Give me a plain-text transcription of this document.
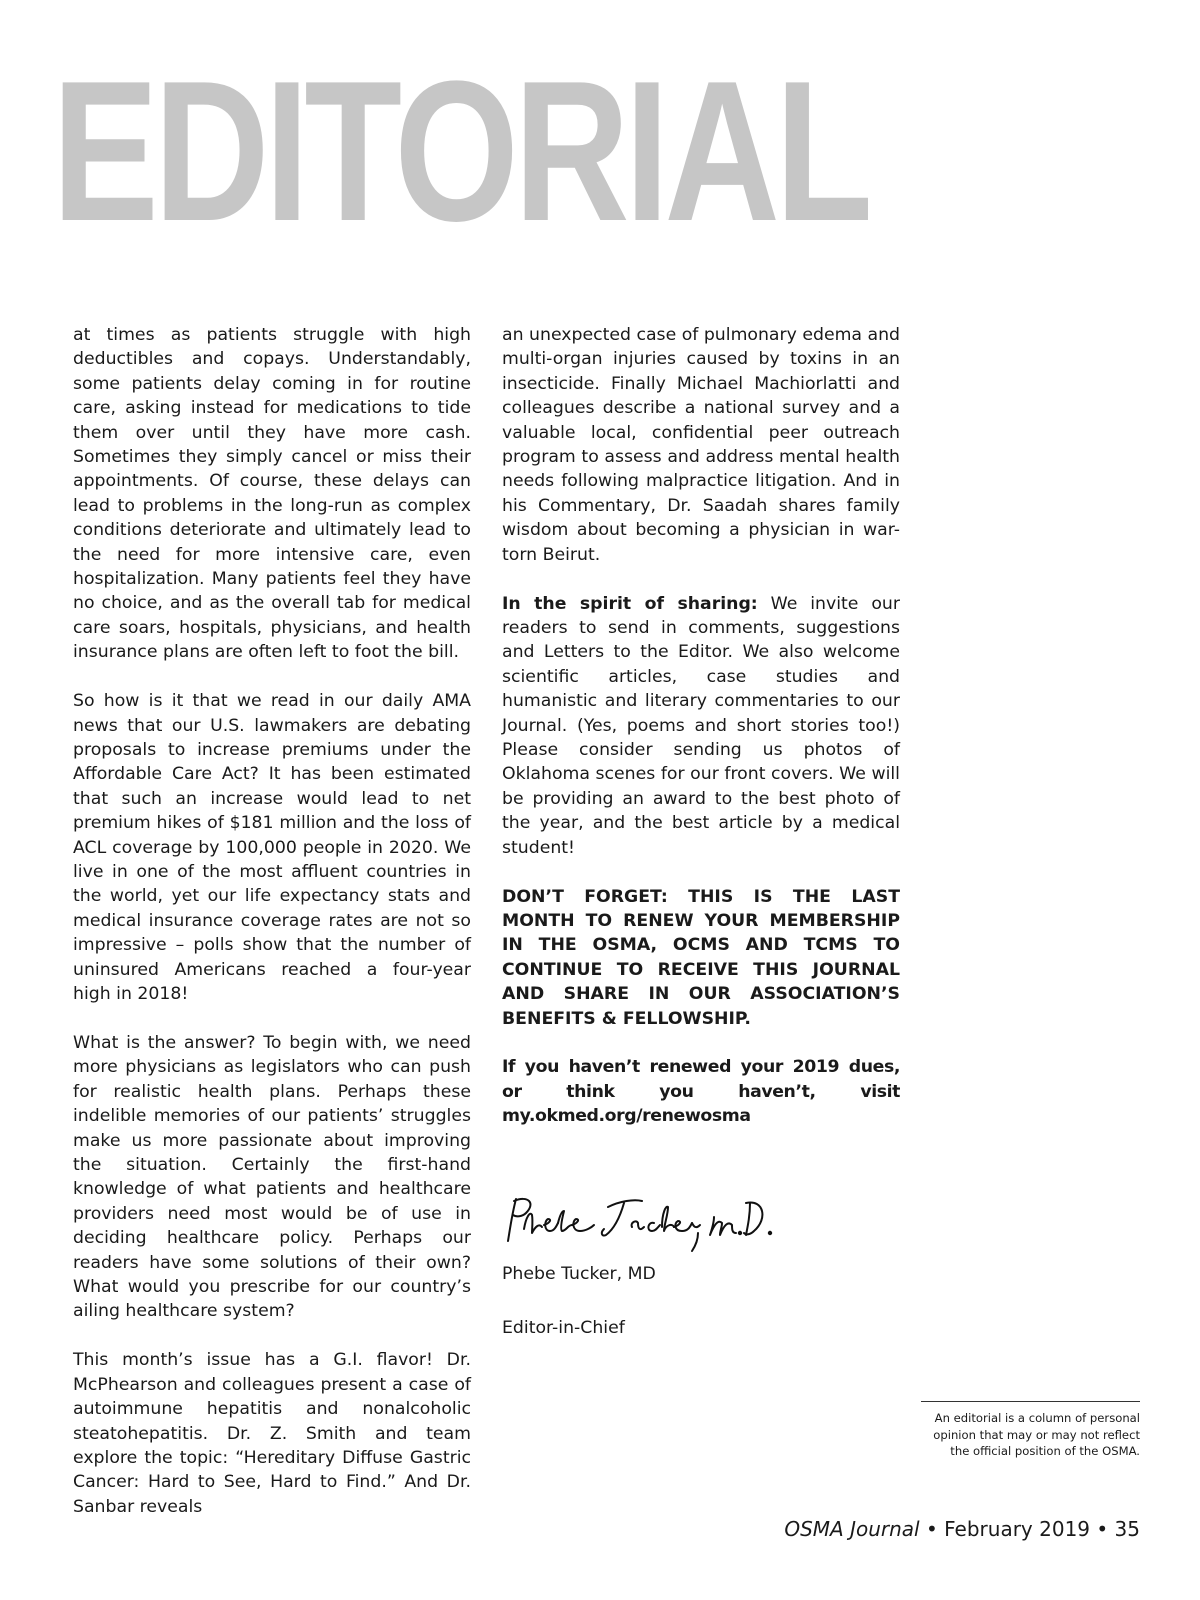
EDITORIAL

at times as patients struggle with high deductibles and copays. Understandably, some patients delay coming in for routine care, asking instead for medications to tide them over until they have more cash. Sometimes they simply cancel or miss their appointments. Of course, these delays can lead to problems in the long-run as complex conditions deteriorate and ultimately lead to the need for more intensive care, even hospitalization. Many patients feel they have no choice, and as the overall tab for medical care soars, hospitals, physicians, and health insurance plans are often left to foot the bill.

So how is it that we read in our daily AMA news that our U.S. lawmakers are debating proposals to increase premiums under the Affordable Care Act? It has been estimated that such an increase would lead to net premium hikes of $181 million and the loss of ACL coverage by 100,000 people in 2020. We live in one of the most affluent countries in the world, yet our life expectancy stats and medical insurance coverage rates are not so impressive – polls show that the number of uninsured Americans reached a four-year high in 2018!

What is the answer? To begin with, we need more physicians as legislators who can push for realistic health plans. Perhaps these indelible memories of our patients’ struggles make us more passionate about improving the situation. Certainly the first-hand knowledge of what patients and healthcare providers need most would be of use in deciding healthcare policy. Perhaps our readers have some solutions of their own? What would you prescribe for our country’s ailing healthcare system?

This month’s issue has a G.I. flavor! Dr. McPhearson and colleagues present a case of autoimmune hepatitis and nonalcoholic steatohepatitis. Dr. Z. Smith and team explore the topic: “Hereditary Diffuse Gastric Cancer: Hard to See, Hard to Find.” And Dr. Sanbar reveals

an unexpected case of pulmonary edema and multi-organ injuries caused by toxins in an insecticide. Finally Michael Machiorlatti and colleagues describe a national survey and a valuable local, confidential peer outreach program to assess and address mental health needs following malpractice litigation. And in his Commentary, Dr. Saadah shares family wisdom about becoming a physician in war-torn Beirut.

In the spirit of sharing: We invite our readers to send in comments, suggestions and Letters to the Editor. We also welcome scientific articles, case studies and humanistic and literary commentaries to our Journal. (Yes, poems and short stories too!) Please consider sending us photos of Oklahoma scenes for our front covers. We will be providing an award to the best photo of the year, and the best article by a medical student!

DON’T FORGET: THIS IS THE LAST MONTH TO RENEW YOUR MEMBERSHIP IN THE OSMA, OCMS AND TCMS TO CONTINUE TO RECEIVE THIS JOURNAL AND SHARE IN OUR ASSOCIATION’S BENEFITS & FELLOWSHIP.

If you haven’t renewed your 2019 dues, or think you haven’t, visit my.okmed.org/renewosma

Phebe Tucker, MD

Editor-in-Chief

An editorial is a column of personal opinion that may or may not reflect the official position of the OSMA.
OSMA Journal • February 2019 • 35
